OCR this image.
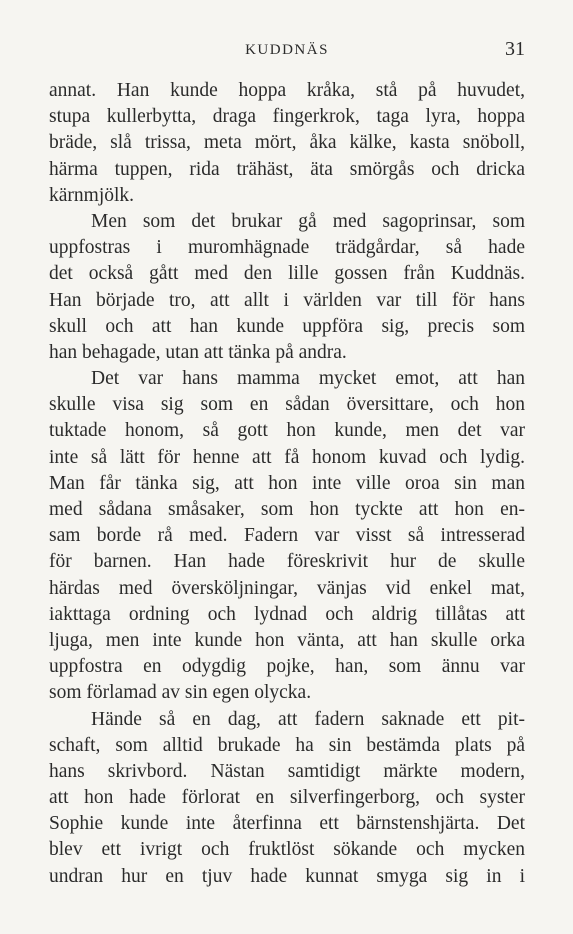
KUDDNÄS	31
annat. Han kunde hoppa kråka, stå på huvudet,
stupa kullerbytta, draga fingerkrok, taga lyra, hoppa
bräde, slå trissa, meta mört, åka kälke, kasta snöboll,
härma tuppen, rida trähäst, äta smörgås och dricka
kärnmjölk.
Men som det brukar gå med sagoprinsar, som
uppfostras i muromhägnade trädgårdar, så hade
det också gått med den lille gossen från Kuddnäs.
Han började tro, att allt i världen var till för hans
skull och att han kunde uppföra sig, precis som
han behagade, utan att tänka på andra.
Det var hans mamma mycket emot, att han
skulle visa sig som en sådan översittare, och hon
tuktade honom, så gott hon kunde, men det var
inte så lätt för henne att få honom kuvad och lydig.
Man får tänka sig, att hon inte ville oroa sin man
med sådana småsaker, som hon tyckte att hon en-
sam borde rå med. Fadern var visst så intresserad
för barnen. Han hade föreskrivit hur de skulle
härdas med översköljningar, vänjas vid enkel mat,
iakttaga ordning och lydnad och aldrig tillåtas att
ljuga, men inte kunde hon vänta, att han skulle orka
uppfostra en odygdig pojke, han, som ännu var
som förlamad av sin egen olycka.
Hände så en dag, att fadern saknade ett pit-
schaft, som alltid brukade ha sin bestämda plats på
hans skrivbord. Nästan samtidigt märkte modern,
att hon hade förlorat en silverfingerborg, och syster
Sophie kunde inte återfinna ett bärnstenshjärta. Det
blev ett ivrigt och fruktlöst sökande och mycken
undran hur en tjuv hade kunnat smyga sig in i
